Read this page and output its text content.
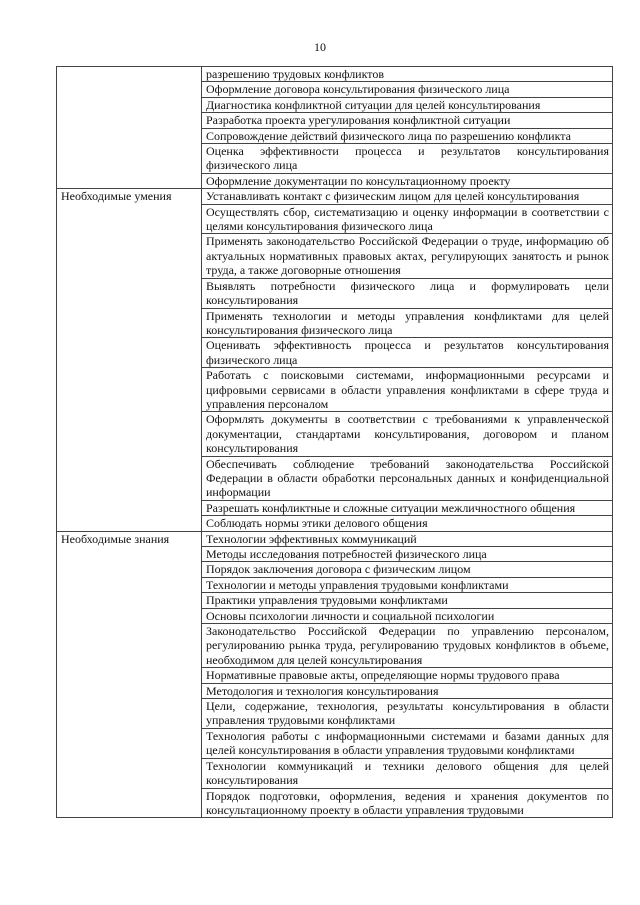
10
	разрешению трудовых конфликтов
	Оформление договора консультирования физического лица
	Диагностика конфликтной ситуации для целей консультирования
	Разработка проекта урегулирования конфликтной ситуации
	Сопровождение действий физического лица по разрешению конфликта
	Оценка эффективности процесса и результатов консультирования физического лица
	Оформление документации по консультационному проекту
Необходимые умения	Устанавливать контакт с физическим лицом для целей консультирования
	Осуществлять сбор, систематизацию и оценку информации в соответствии с целями консультирования физического лица
	Применять законодательство Российской Федерации о труде, информацию об актуальных нормативных правовых актах, регулирующих занятость и рынок труда, а также договорные отношения
	Выявлять потребности физического лица и формулировать цели консультирования
	Применять технологии и методы управления конфликтами для целей консультирования физического лица
	Оценивать эффективность процесса и результатов консультирования физического лица
	Работать с поисковыми системами, информационными ресурсами и цифровыми сервисами в области управления конфликтами в сфере труда и управления персоналом
	Оформлять документы в соответствии с требованиями к управленческой документации, стандартами консультирования, договором и планом консультирования
	Обеспечивать соблюдение требований законодательства Российской Федерации в области обработки персональных данных и конфиденциальной информации
	Разрешать конфликтные и сложные ситуации межличностного общения
	Соблюдать нормы этики делового общения
Необходимые знания	Технологии эффективных коммуникаций
	Методы исследования потребностей физического лица
	Порядок заключения договора с физическим лицом
	Технологии и методы управления трудовыми конфликтами
	Практики управления трудовыми конфликтами
	Основы психологии личности и социальной психологии
	Законодательство Российской Федерации по управлению персоналом, регулированию рынка труда, регулированию трудовых конфликтов в объеме, необходимом для целей консультирования
	Нормативные правовые акты, определяющие нормы трудового права
	Методология и технология консультирования
	Цели, содержание, технология, результаты консультирования в области управления трудовыми конфликтами
	Технология работы с информационными системами и базами данных для целей консультирования в области управления трудовыми конфликтами
	Технологии коммуникаций и техники делового общения для целей консультирования
	Порядок подготовки, оформления, ведения и хранения документов по консультационному проекту в области управления трудовыми
